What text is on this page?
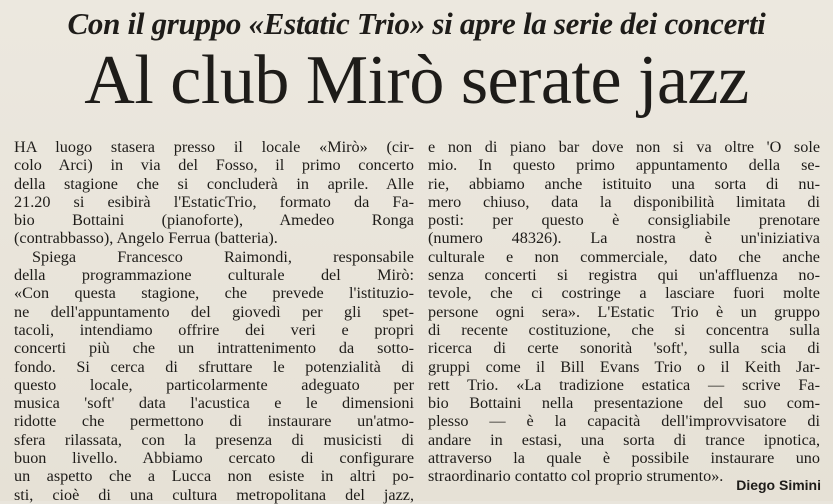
Con il gruppo «Estatic Trio» si apre la serie dei concerti
Al club Mirò serate jazz
HA luogo stasera presso il locale «Mirò» (cir-
colo Arci) in via del Fosso, il primo concerto
della stagione che si concluderà in aprile. Alle
21.20 si esibirà l'EstaticTrio, formato da Fa-
bio Bottaini (pianoforte), Amedeo Ronga
(contrabbasso), Angelo Ferrua (batteria).
Spiega Francesco Raimondi, responsabile
della programmazione culturale del Mirò:
«Con questa stagione, che prevede l'istituzio-
ne dell'appuntamento del giovedì per gli spet-
tacoli, intendiamo offrire dei veri e propri
concerti più che un intrattenimento da sotto-
fondo. Si cerca di sfruttare le potenzialità di
questo locale, particolarmente adeguato per
musica 'soft' data l'acustica e le dimensioni
ridotte che permettono di instaurare un'atmo-
sfera rilassata, con la presenza di musicisti di
buon livello. Abbiamo cercato di configurare
un aspetto che a Lucca non esiste in altri po-
sti, cioè di una cultura metropolitana del jazz,
e non di piano bar dove non si va oltre 'O sole
mio. In questo primo appuntamento della se-
rie, abbiamo anche istituito una sorta di nu-
mero chiuso, data la disponibilità limitata di
posti: per questo è consigliabile prenotare
(numero 48326). La nostra è un'iniziativa
culturale e non commerciale, dato che anche
senza concerti si registra qui un'affluenza no-
tevole, che ci costringe a lasciare fuori molte
persone ogni sera». L'Estatic Trio è un gruppo
di recente costituzione, che si concentra sulla
ricerca di certe sonorità 'soft', sulla scia di
gruppi come il Bill Evans Trio o il Keith Jar-
rett Trio. «La tradizione estatica — scrive Fa-
bio Bottaini nella presentazione del suo com-
plesso — è la capacità dell'improvvisatore di
andare in estasi, una sorta di trance ipnotica,
attraverso la quale è possibile instaurare uno
straordinario contatto col proprio strumento». Diego Simini
